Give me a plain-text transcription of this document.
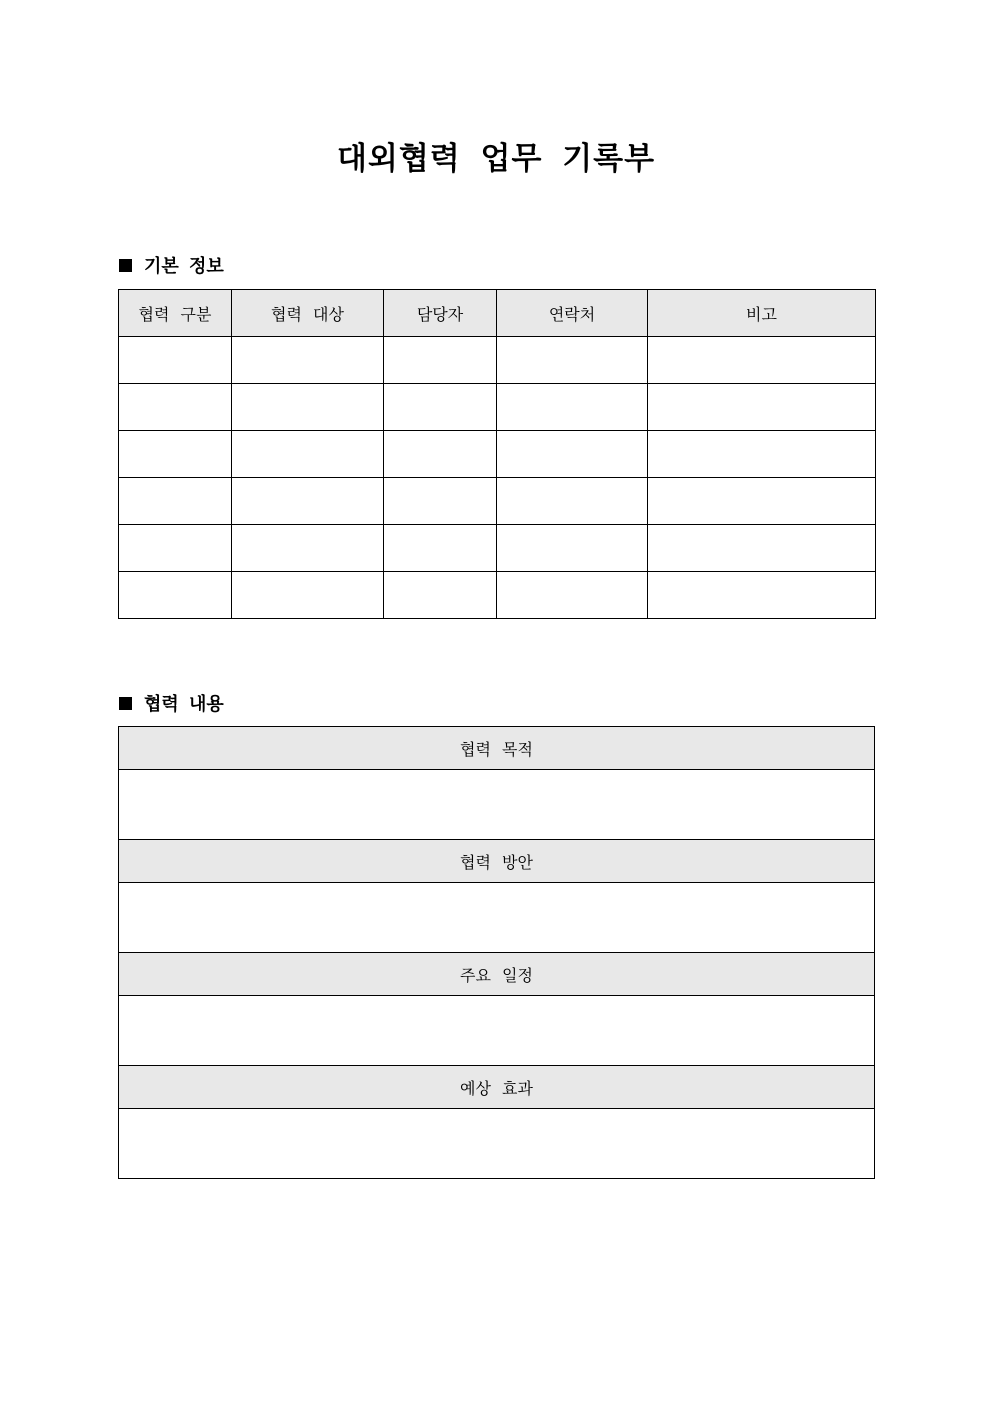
대외협력 업무 기록부
기본 정보
협력 구분	협력 대상	담당자	연락처	비고

협력 내용
협력 목적

협력 방안

주요 일정

예상 효과
